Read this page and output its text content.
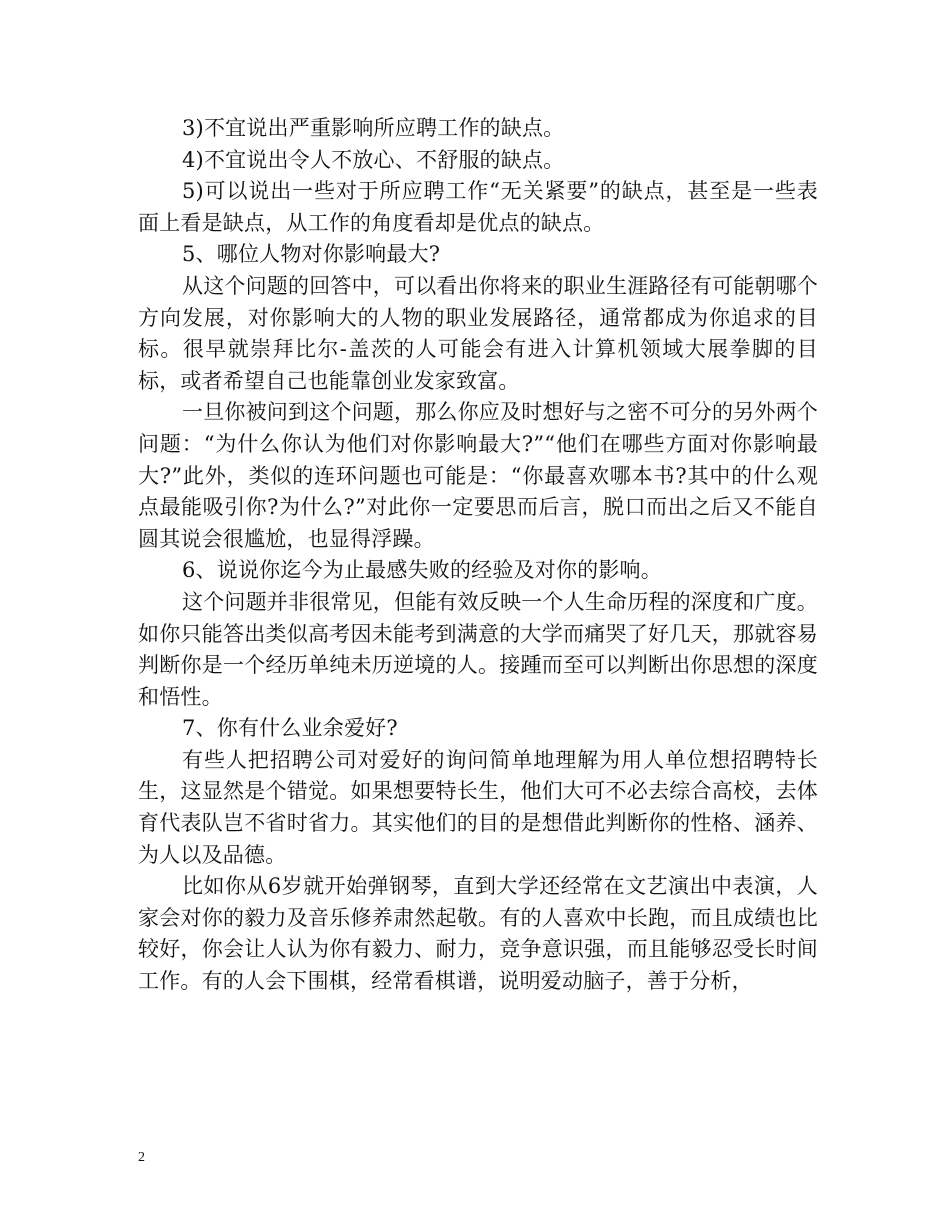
3)不宜说出严重影响所应聘工作的缺点。

4)不宜说出令人不放心、不舒服的缺点。

5)可以说出一些对于所应聘工作“无关紧要”的缺点，甚至是一些表面上看是缺点，从工作的角度看却是优点的缺点。

5、哪位人物对你影响最大?

从这个问题的回答中，可以看出你将来的职业生涯路径有可能朝哪个方向发展，对你影响大的人物的职业发展路径，通常都成为你追求的目标。很早就崇拜比尔-盖茨的人可能会有进入计算机领域大展拳脚的目标，或者希望自己也能靠创业发家致富。

一旦你被问到这个问题，那么你应及时想好与之密不可分的另外两个问题：“为什么你认为他们对你影响最大?”“他们在哪些方面对你影响最大?”此外，类似的连环问题也可能是：“你最喜欢哪本书?其中的什么观点最能吸引你?为什么?”对此你一定要思而后言，脱口而出之后又不能自圆其说会很尴尬，也显得浮躁。

6、说说你迄今为止最感失败的经验及对你的影响。

这个问题并非很常见，但能有效反映一个人生命历程的深度和广度。如你只能答出类似高考因未能考到满意的大学而痛哭了好几天，那就容易判断你是一个经历单纯未历逆境的人。接踵而至可以判断出你思想的深度和悟性。

7、你有什么业余爱好?

有些人把招聘公司对爱好的询问简单地理解为用人单位想招聘特长生，这显然是个错觉。如果想要特长生，他们大可不必去综合高校，去体育代表队岂不省时省力。其实他们的目的是想借此判断你的性格、涵养、为人以及品德。

比如你从6岁就开始弹钢琴，直到大学还经常在文艺演出中表演，人家会对你的毅力及音乐修养肃然起敬。有的人喜欢中长跑，而且成绩也比较好，你会让人认为你有毅力、耐力，竞争意识强，而且能够忍受长时间工作。有的人会下围棋，经常看棋谱，说明爱动脑子，善于分析，

2
